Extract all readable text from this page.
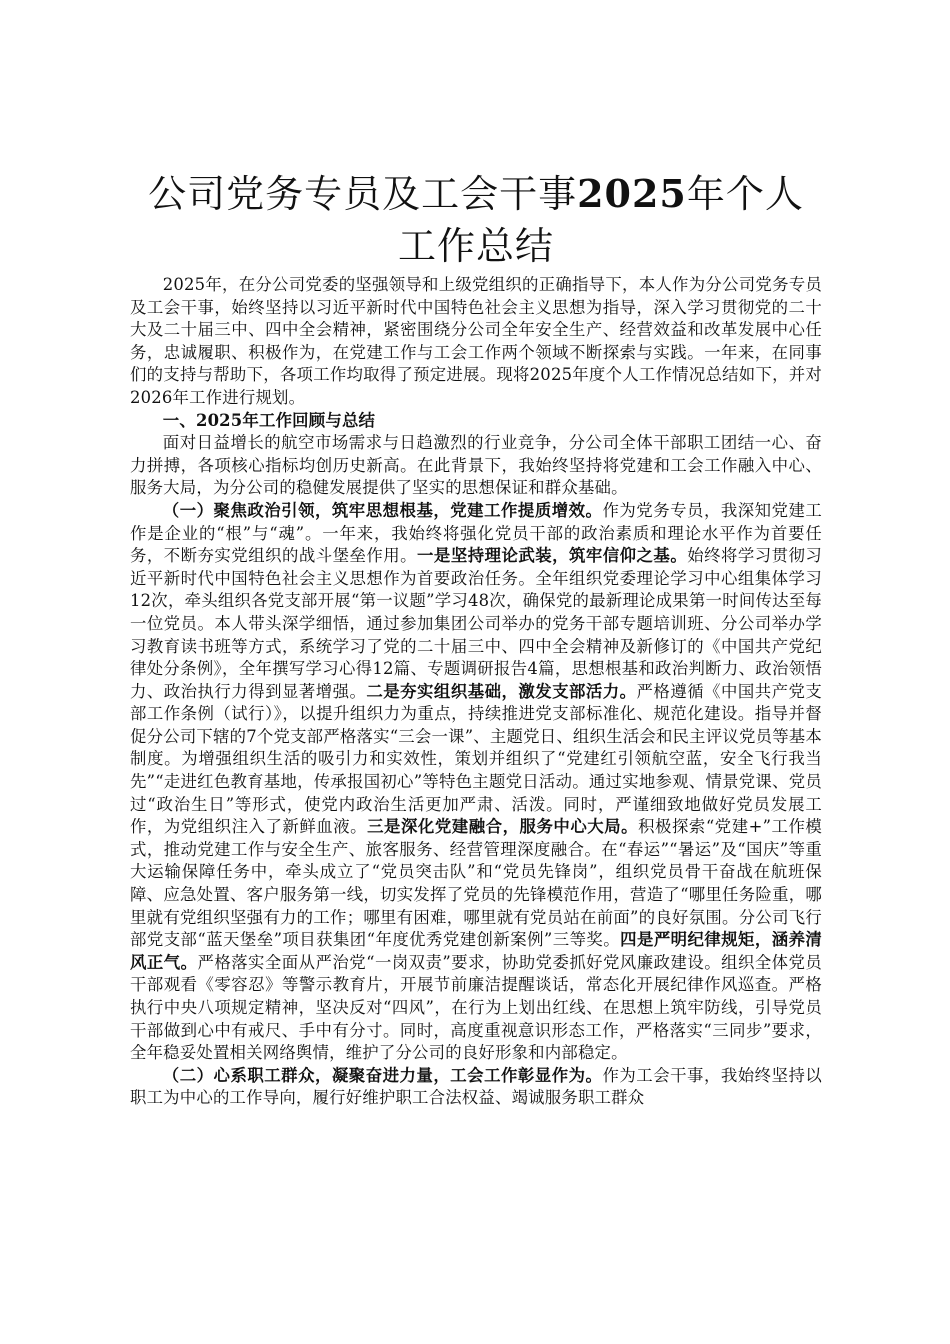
公司党务专员及工会干事2025年个人工作总结

2025年，在分公司党委的坚强领导和上级党组织的正确指导下，本人作为分公司党务专员及工会干事，始终坚持以习近平新时代中国特色社会主义思想为指导，深入学习贯彻党的二十大及二十届三中、四中全会精神，紧密围绕分公司全年安全生产、经营效益和改革发展中心任务，忠诚履职、积极作为，在党建工作与工会工作两个领域不断探索与实践。一年来，在同事们的支持与帮助下，各项工作均取得了预定进展。现将2025年度个人工作情况总结如下，并对2026年工作进行规划。

一、2025年工作回顾与总结

面对日益增长的航空市场需求与日趋激烈的行业竞争，分公司全体干部职工团结一心、奋力拼搏，各项核心指标均创历史新高。在此背景下，我始终坚持将党建和工会工作融入中心、服务大局，为分公司的稳健发展提供了坚实的思想保证和群众基础。

（一）聚焦政治引领，筑牢思想根基，党建工作提质增效。作为党务专员，我深知党建工作是企业的“根”与“魂”。一年来，我始终将强化党员干部的政治素质和理论水平作为首要任务，不断夯实党组织的战斗堡垒作用。一是坚持理论武装，筑牢信仰之基。始终将学习贯彻习近平新时代中国特色社会主义思想作为首要政治任务。全年组织党委理论学习中心组集体学习12次，牵头组织各党支部开展“第一议题”学习48次，确保党的最新理论成果第一时间传达至每一位党员。本人带头深学细悟，通过参加集团公司举办的党务干部专题培训班、分公司举办学习教育读书班等方式，系统学习了党的二十届三中、四中全会精神及新修订的《中国共产党纪律处分条例》，全年撰写学习心得12篇、专题调研报告4篇，思想根基和政治判断力、政治领悟力、政治执行力得到显著增强。二是夯实组织基础，激发支部活力。严格遵循《中国共产党支部工作条例（试行）》，以提升组织力为重点，持续推进党支部标准化、规范化建设。指导并督促分公司下辖的7个党支部严格落实“三会一课”、主题党日、组织生活会和民主评议党员等基本制度。为增强组织生活的吸引力和实效性，策划并组织了“党建红引领航空蓝，安全飞行我当先”“走进红色教育基地，传承报国初心”等特色主题党日活动。通过实地参观、情景党课、党员过“政治生日”等形式，使党内政治生活更加严肃、活泼。同时，严谨细致地做好党员发展工作，为党组织注入了新鲜血液。三是深化党建融合，服务中心大局。积极探索“党建+”工作模式，推动党建工作与安全生产、旅客服务、经营管理深度融合。在“春运”“暑运”及“国庆”等重大运输保障任务中，牵头成立了“党员突击队”和“党员先锋岗”，组织党员骨干奋战在航班保障、应急处置、客户服务第一线，切实发挥了党员的先锋模范作用，营造了“哪里任务险重，哪里就有党组织坚强有力的工作；哪里有困难，哪里就有党员站在前面”的良好氛围。分公司飞行部党支部“蓝天堡垒”项目获集团“年度优秀党建创新案例”三等奖。四是严明纪律规矩，涵养清风正气。严格落实全面从严治党“一岗双责”要求，协助党委抓好党风廉政建设。组织全体党员干部观看《零容忍》等警示教育片，开展节前廉洁提醒谈话，常态化开展纪律作风巡查。严格执行中央八项规定精神，坚决反对“四风”，在行为上划出红线、在思想上筑牢防线，引导党员干部做到心中有戒尺、手中有分寸。同时，高度重视意识形态工作，严格落实“三同步”要求，全年稳妥处置相关网络舆情，维护了分公司的良好形象和内部稳定。

（二）心系职工群众，凝聚奋进力量，工会工作彰显作为。作为工会干事，我始终坚持以职工为中心的工作导向，履行好维护职工合法权益、竭诚服务职工群众
